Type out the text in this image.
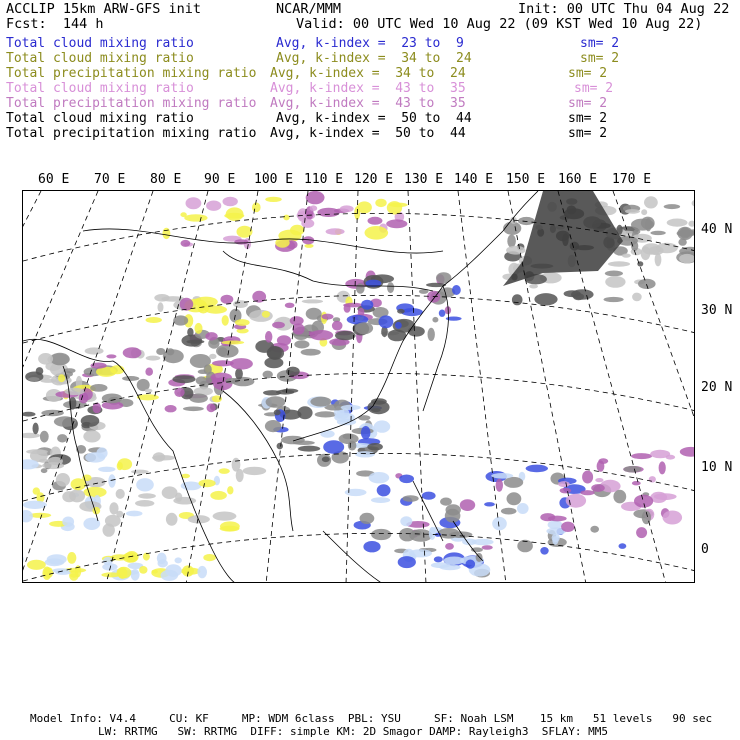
ACCLIP 15km ARW-GFS init	NCAR/MMM	Init: 00 UTC Thu 04 Aug 22
Fcst:  144 h	Valid: 00 UTC Wed 10 Aug 22 (09 KST Wed 10 Aug 22)
Total cloud mixing ratio	Avg, k-index =  23 to  9	sm= 2
Total cloud mixing ratio	Avg, k-index =  34 to  24	sm= 2
Total precipitation mixing ratio Avg, k-index =  34 to  24	sm= 2
Total cloud mixing ratio	Avg, k-index =  43 to  35	sm= 2
Total precipitation mixing ratio Avg, k-index =  43 to  35	sm= 2
Total cloud mixing ratio	Avg, k-index =  50 to  44	sm= 2
Total precipitation mixing ratio Avg, k-index =  50 to  44	sm= 2
60 E 70 E 80 E 90 E 100 E 110 E 120 E 130 E 140 E 150 E 160 E 170 E
40 N
30 N
20 N
10 N
0
Model Info: V4.4     CU: KF     MP: WDM 6class  PBL: YSU     SF: Noah LSM    15 km   51 levels   90 sec
LW: RRTMG   SW: RRTMG  DIFF: simple KM: 2D Smagor DAMP: Rayleigh3  SFLAY: MM5
